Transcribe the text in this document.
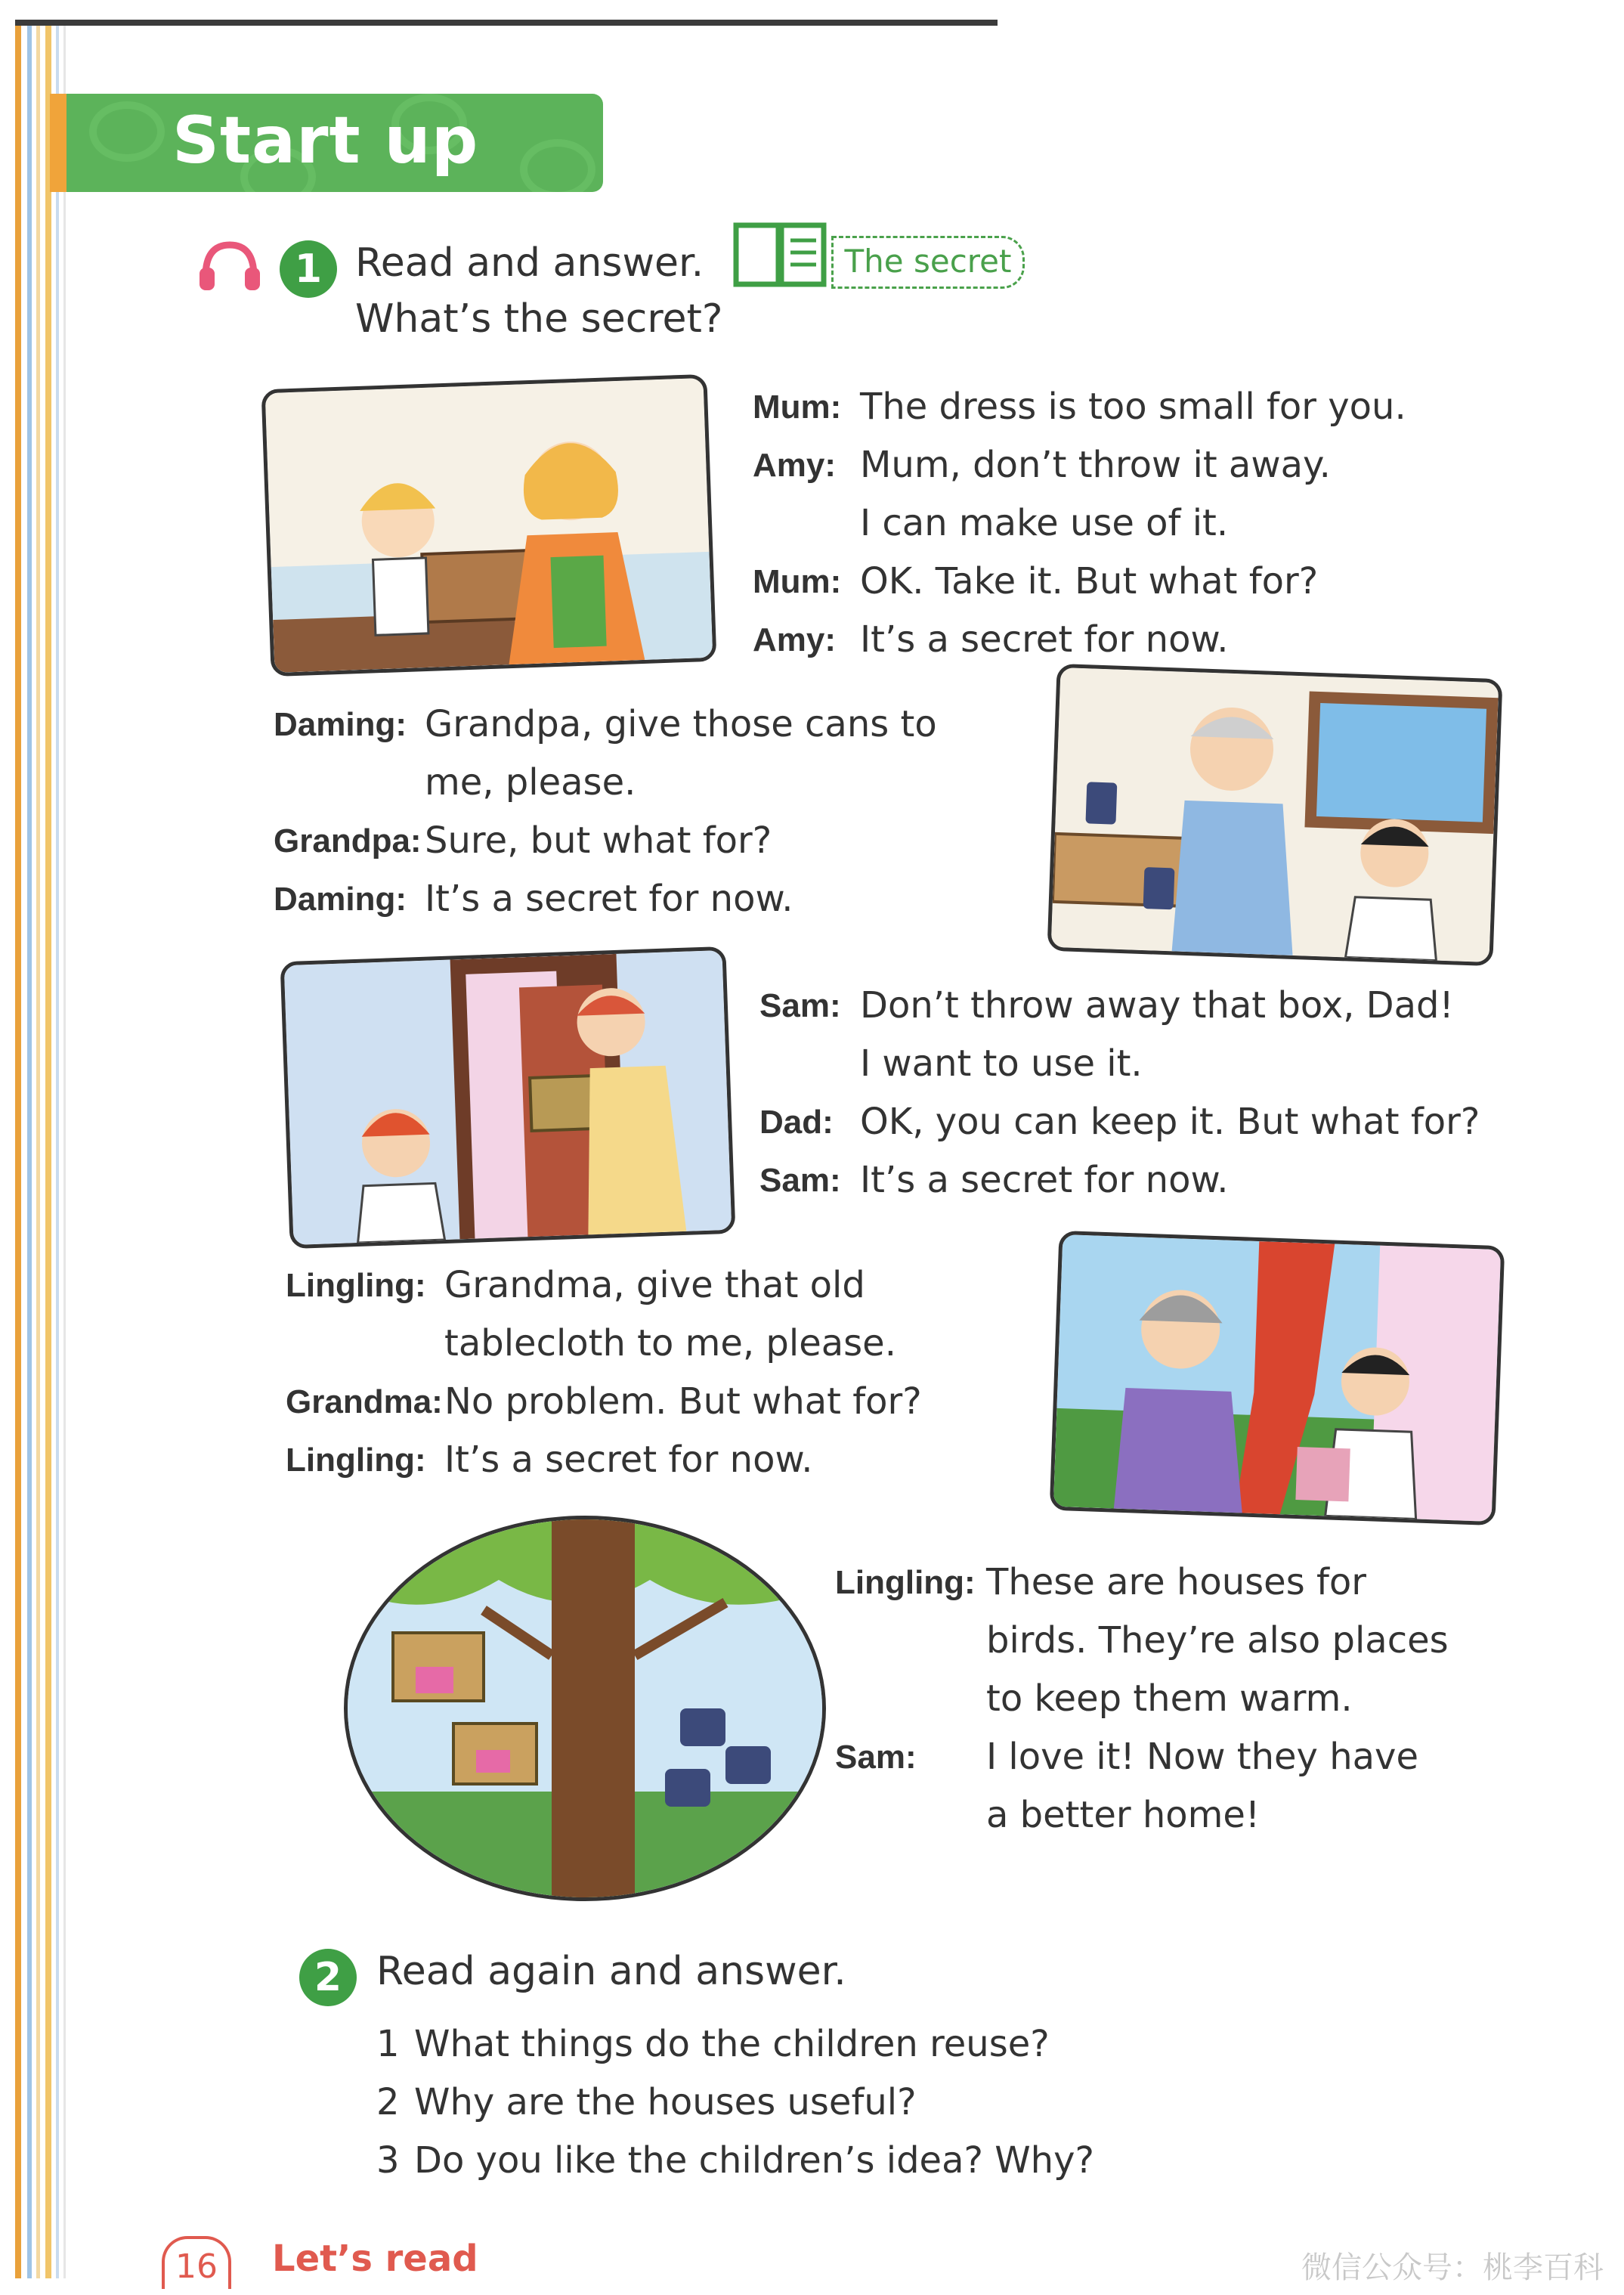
Start up
1 Read and answer.
What’s the secret?
The secret
Mum: The dress is too small for you.
Amy: Mum, don’t throw it away.
I can make use of it.
Mum: OK. Take it. But what for?
Amy: It’s a secret for now.
Daming: Grandpa, give those cans to
me, please.
Grandpa: Sure, but what for?
Daming: It’s a secret for now.
Sam: Don’t throw away that box, Dad!
I want to use it.
Dad: OK, you can keep it. But what for?
Sam: It’s a secret for now.
Lingling: Grandma, give that old
tablecloth to me, please.
Grandma: No problem. But what for?
Lingling: It’s a secret for now.
Lingling: These are houses for
birds. They’re also places
to keep them warm.
Sam: I love it! Now they have
a better home!
2 Read again and answer.
1 What things do the children reuse?
2 Why are the houses useful?
3 Do you like the children’s idea? Why?
16	Let’s read	微信公众号：桃李百科
